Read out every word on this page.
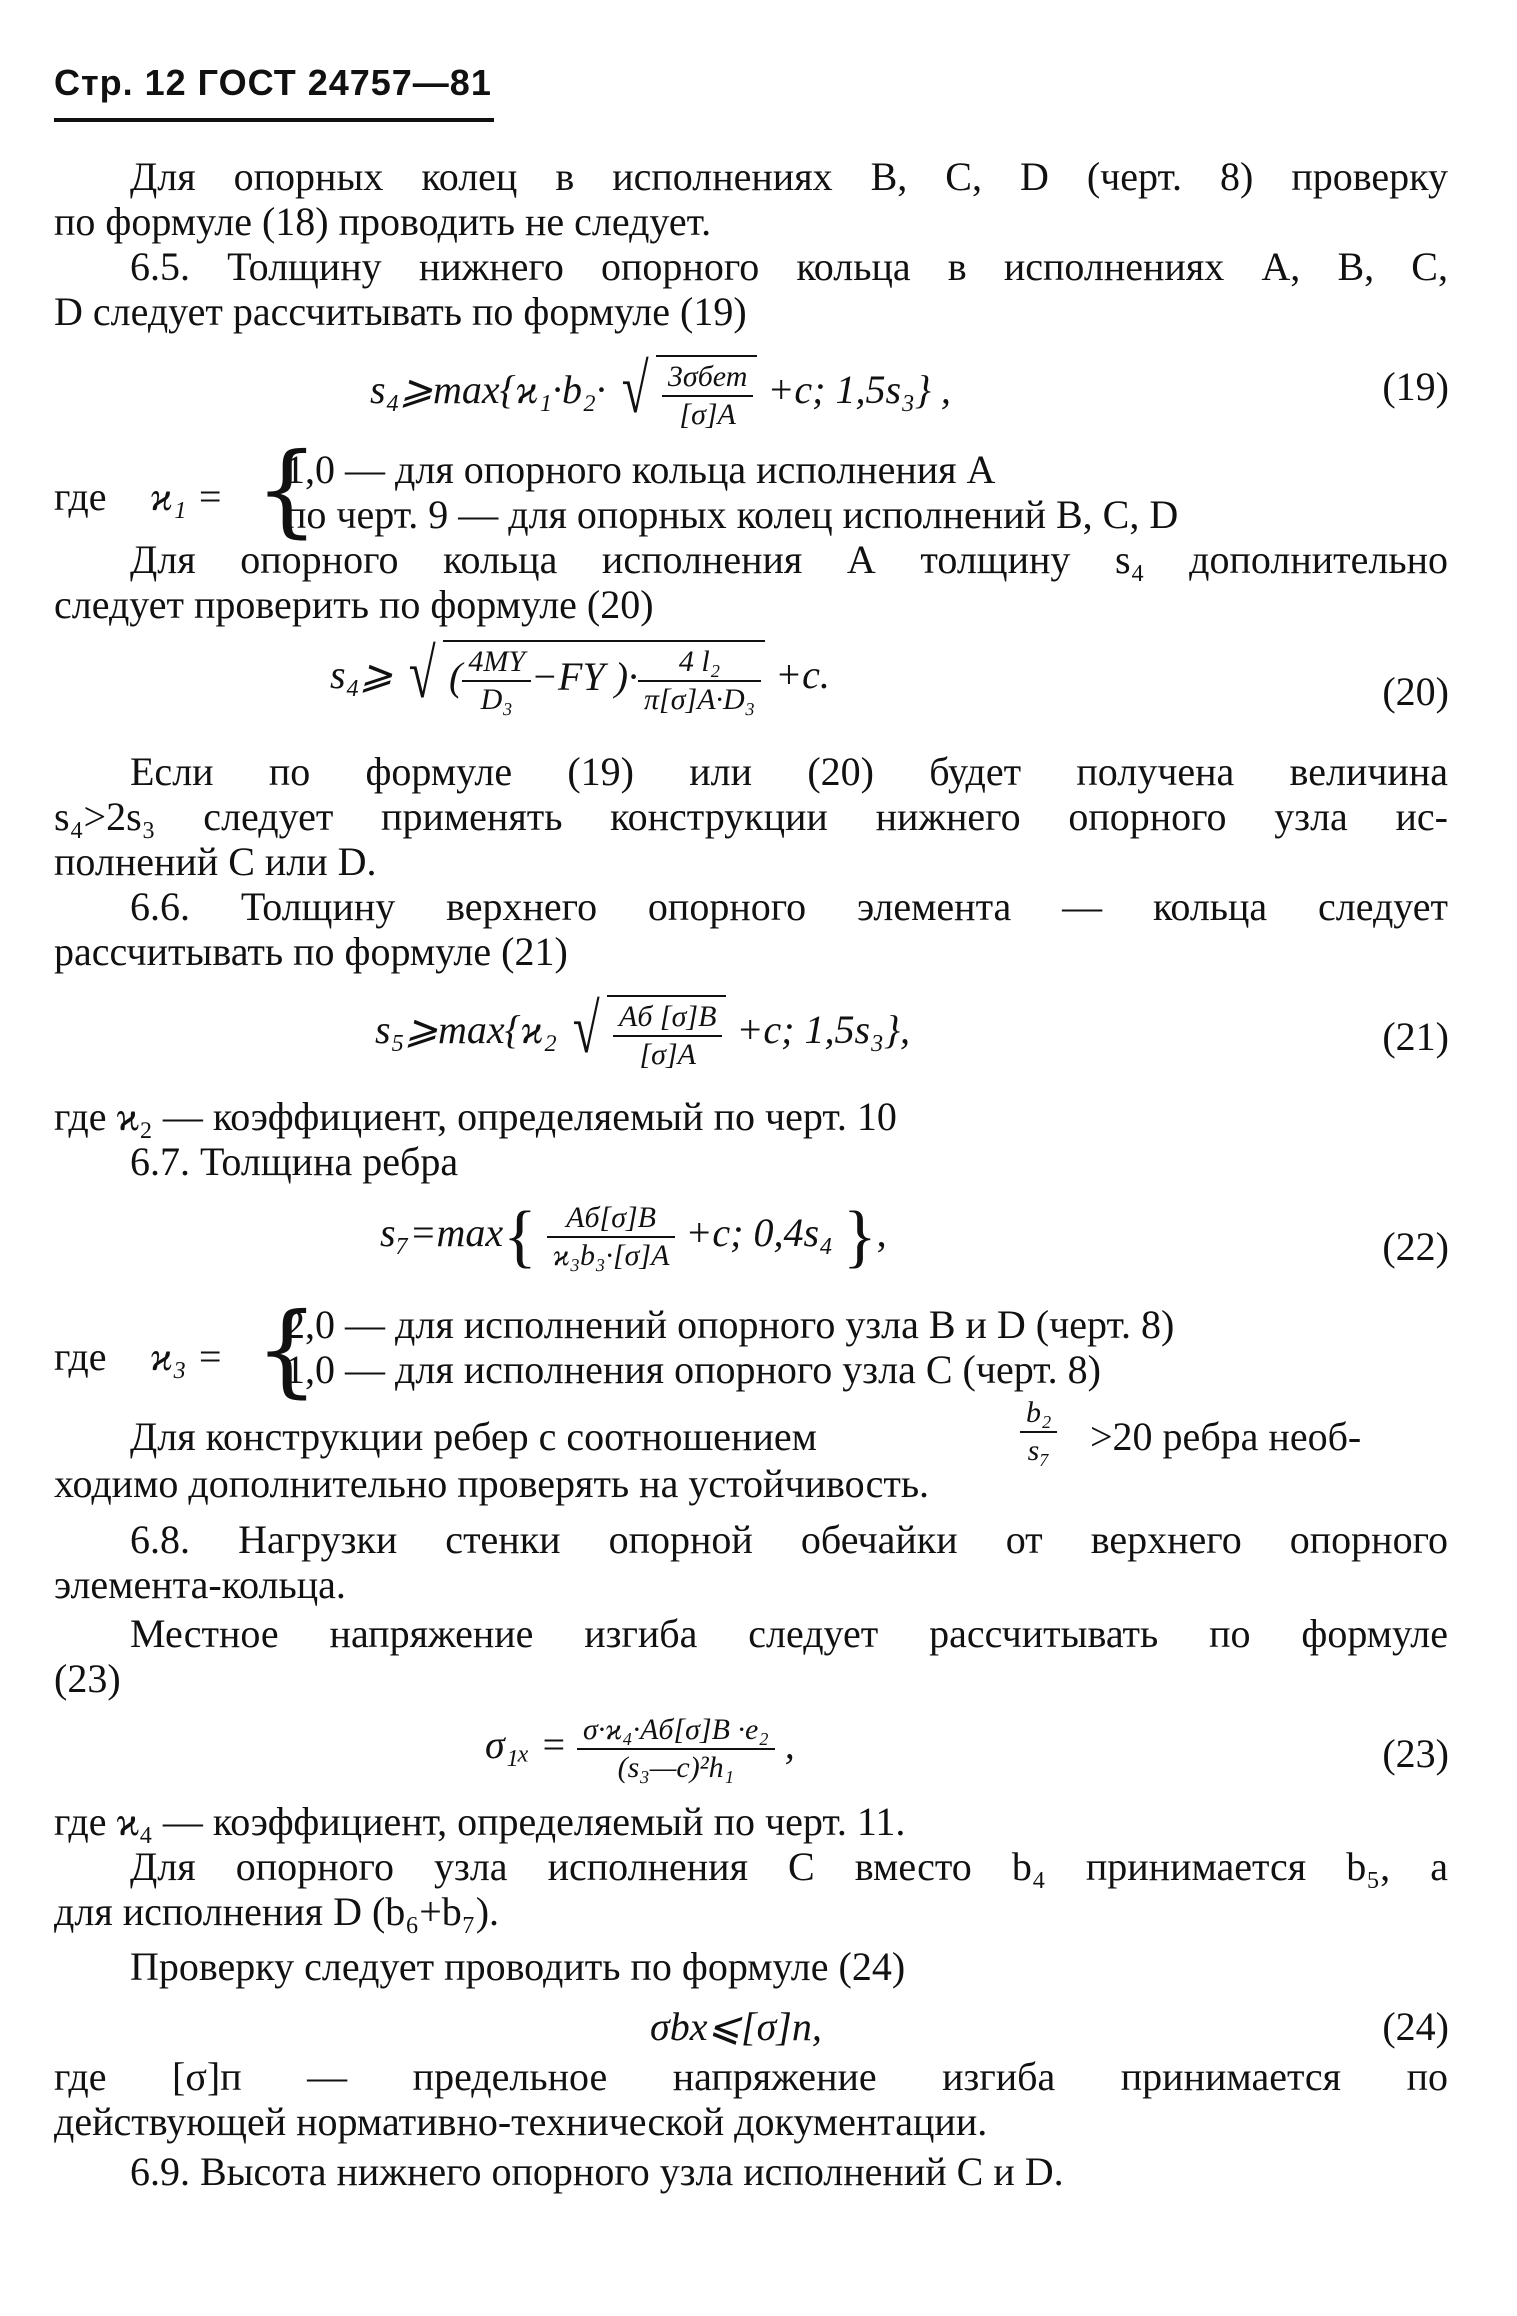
Стр. 12 ГОСТ 24757—81
Для опорных колец в исполнениях В, С, D (черт. 8) проверку
по формуле (18) проводить не следует.
6.5. Толщину нижнего опорного кольца в исполнениях А, В, С,
D следует рассчитывать по формуле (19)
s₄⩾max{ϰ₁·b₂· √ $\frac{\text{3σбет}}{[\sigma]A} +c$; 1,5s₃} ,	(19)
где ϰ₁ = {
1,0 — для опорного кольца исполнения А
по черт. 9 — для опорных колец исполнений В, С, D
Для опорного кольца исполнения А толщину s₄ дополнительно
следует проверить по формуле (20)
s₄⩾ √ ( $\frac{4MY}{\text{D₃}} -FY$ )· $\frac{\text{4 l₂}}{\text{π[σ]A·D₃}} +c$.	(20)
Если по формуле (19) или (20) будет получена величина
s₄>2s₃ следует применять конструкции нижнего опорного узла ис-
полнений С или D.
6.6. Толщину верхнего опорного элемента — кольца следует
рассчитывать по формуле (21)
s₅⩾max{ϰ₂ √ $\frac{Aб [\sigma]B}{[\sigma]A} +c$; 1,5s₃},	(21)
где ϰ₂ — коэффициент, определяемый по черт. 10
6.7. Толщина ребра
$s_7=\max\{ \frac{Aб[\sigma]B}{\text{ϰ₃b₃·[σ]A}} +c$; 0,4s₄ },	(22)
где ϰ₃ = {
2,0 — для исполнений опорного узла В и D (черт. 8)
1,0 — для исполнения опорного узла С (черт. 8)
Для конструкции ребер с соотношением	$\frac{\text{b₂}}{\text{s₇}} >20$ ребра необ-
ходимо дополнительно проверять на устойчивость.
6.8. Нагрузки стенки опорной обечайки от верхнего опорного
элемента-кольца.
Местное напряжение изгиба следует рассчитывать по формуле
(23)
$\sigma_{1x} = \frac{\text{σ·ϰ₄·Aб[σ]B ·e₂}}{\text{(s₃—c)²h₁}}$ ,	(23)
где ϰ₄ — коэффициент, определяемый по черт. 11.
Для опорного узла исполнения С вместо b₄ принимается b₅, а
для исполнения D (b₆+b₇).
Проверку следует проводить по формуле (24)
σbx⩽[σ]п,	(24)
где [σ]п — предельное напряжение изгиба принимается по
действующей нормативно-технической документации.
6.9. Высота нижнего опорного узла исполнений С и D.
